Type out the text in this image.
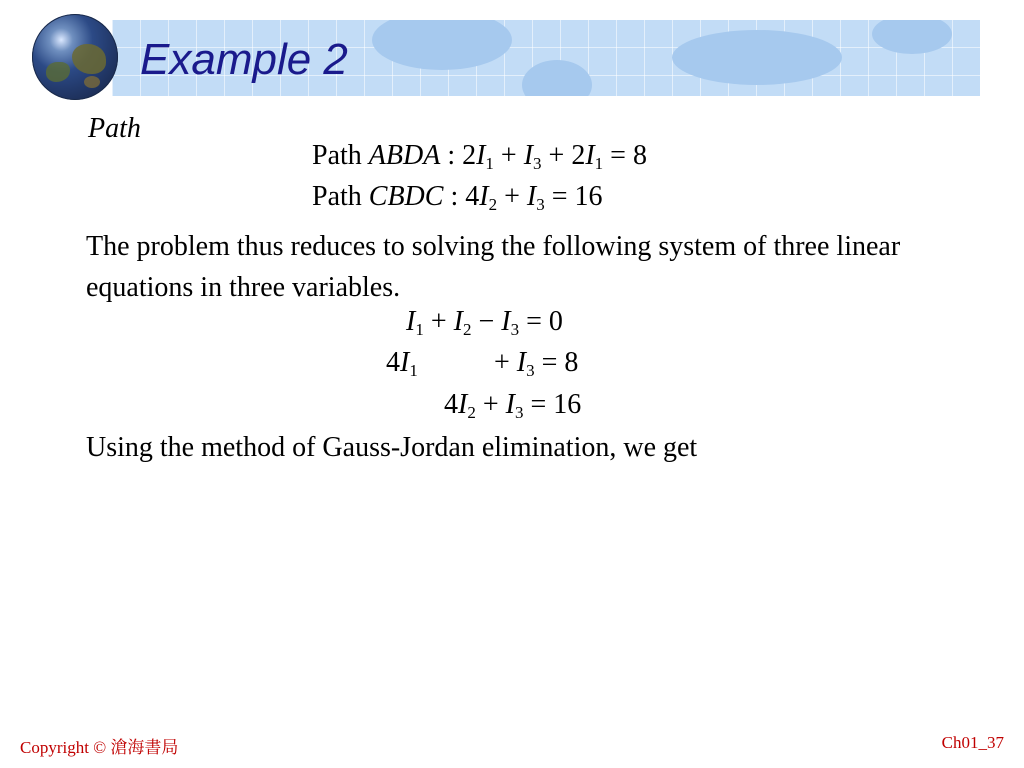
Example 2
Path
Path ABDA : $2I_1 + I_3 + 2I_1 = 8$
Path CBDC : $4I_2 + I_3 = 16$
The problem thus reduces to solving the following system of three linear equations in three variables.
$I_1 + I_2 - I_3 = 0$
$4I_1$	+ $I_3 = 8$
$4I_2 + I_3 = 16$
Using the method of Gauss-Jordan elimination, we get
Copyright © 滄海書局	Ch01_37
